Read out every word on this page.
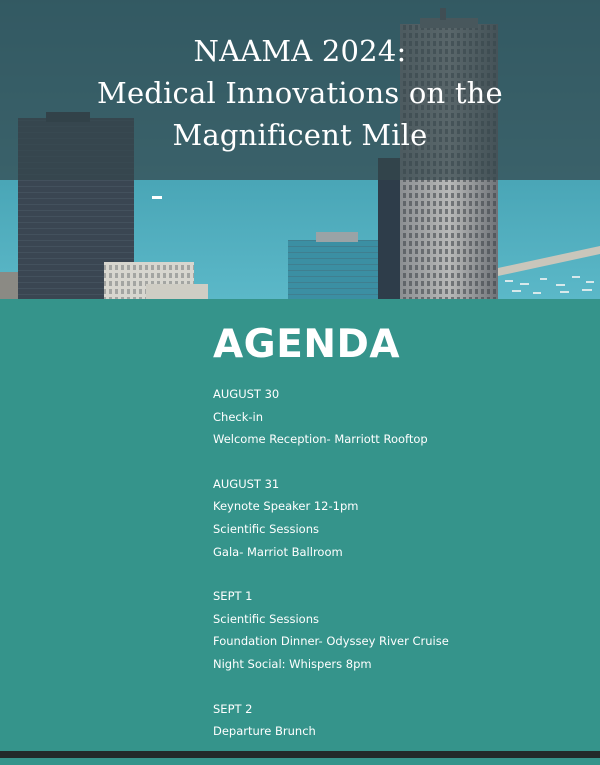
NAAMA 2024:
Medical Innovations on the
Magnificent Mile
AGENDA
AUGUST 30
Check-in
Welcome Reception- Marriott Rooftop
AUGUST 31
Keynote Speaker 12-1pm
Scientific Sessions
Gala- Marriot Ballroom
SEPT 1
Scientific Sessions
Foundation Dinner- Odyssey River Cruise
Night Social: Whispers 8pm
SEPT 2
Departure Brunch
